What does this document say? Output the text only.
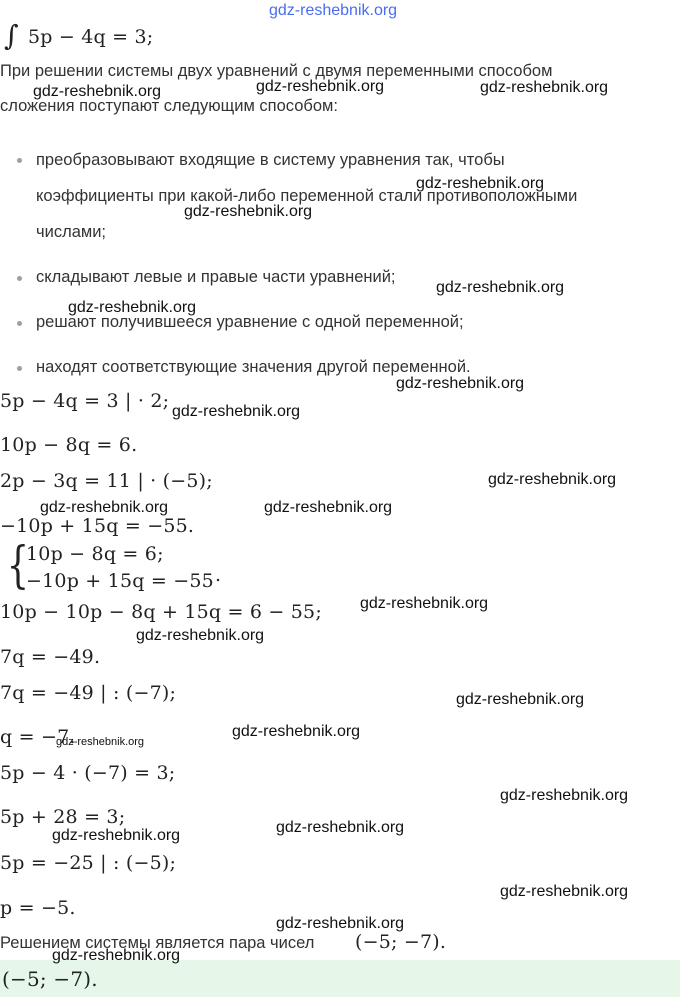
∫ 5p − 4q = 3;
При решении системы двух уравнений с двумя переменными способом
сложения поступают следующим способом:
преобразовывают входящие в систему уравнения так, чтобы
коэффициенты при какой-либо переменной стали противоположными
числами;
складывают левые и правые части уравнений;
решают получившееся уравнение с одной переменной;
находят соответствующие значения другой переменной.
5p − 4q = 3 | · 2;
10p − 8q = 6.
2p − 3q = 11 | · (−5);
−10p + 15q = −55.
{
10p − 8q = 6;
−10p + 15q = −55 .
10p − 10p − 8q + 15q = 6 − 55;
7q = −49.
7q = −49 | : (−7);
q = −7.
5p − 4 · (−7) = 3;
5p + 28 = 3;
5p = −25 | : (−5);
p = −5.
Решением системы является пара чисел (−5; −7).
(−5; −7).
gdz-reshebnik.org
gdz-reshebnik.org	gdz-reshebnik.org	gdz-reshebnik.org
gdz-reshebnik.org
gdz-reshebnik.org
gdz-reshebnik.org
gdz-reshebnik.org
gdz-reshebnik.org
gdz-reshebnik.org
gdz-reshebnik.org
gdz-reshebnik.org	gdz-reshebnik.org
gdz-reshebnik.org
gdz-reshebnik.org
gdz-reshebnik.org
gdz-reshebnik.org
gdz-reshebnik.org
gdz-reshebnik.org
gdz-reshebnik.org	gdz-reshebnik.org
gdz-reshebnik.org
gdz-reshebnik.org
gdz-reshebnik.org
